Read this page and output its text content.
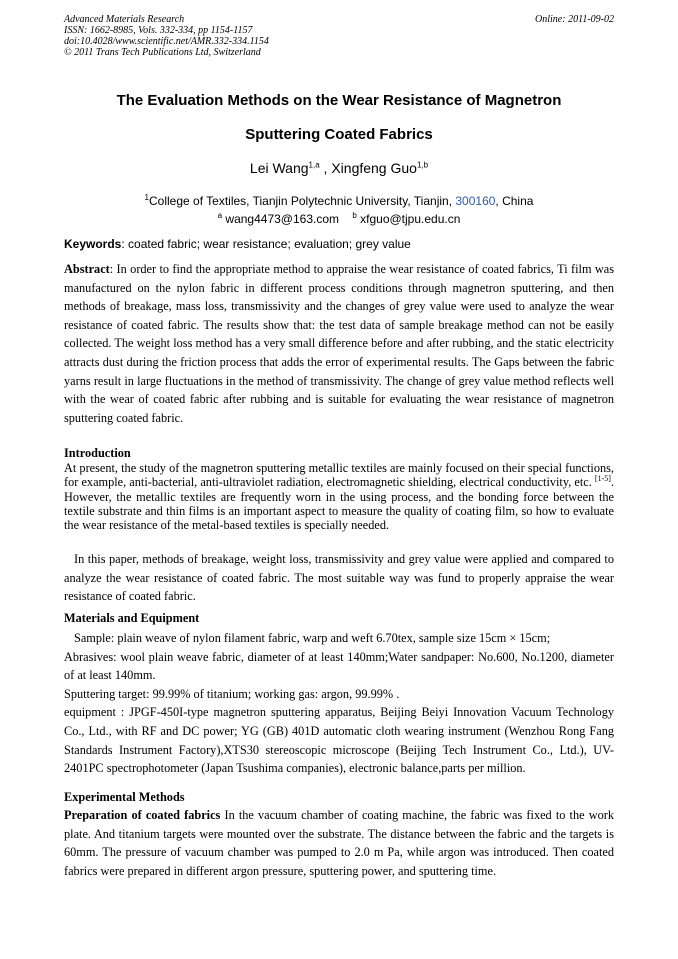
Advanced Materials Research
ISSN: 1662-8985, Vols. 332-334, pp 1154-1157
doi:10.4028/www.scientific.net/AMR.332-334.1154
© 2011 Trans Tech Publications Ltd, Switzerland
Online: 2011-09-02
The Evaluation Methods on the Wear Resistance of Magnetron
Sputtering Coated Fabrics
Lei Wang$^{1,a}$ , Xingfeng Guo$^{1,b}$
$^1$College of Textiles, Tianjin Polytechnic University, Tianjin, 300160, China
$^a$ wang4473@163.com $^b$ xfguo@tjpu.edu.cn
Keywords: coated fabric; wear resistance; evaluation; grey value
Abstract: In order to find the appropriate method to appraise the wear resistance of coated fabrics, Ti film was manufactured on the nylon fabric in different process conditions through magnetron sputtering, and then methods of breakage, mass loss, transmissivity and the changes of grey value were used to analyze the wear resistance of coated fabric. The results show that: the test data of sample breakage method can not be easily collected. The weight loss method has a very small difference before and after rubbing, and the static electricity attracts dust during the friction process that adds the error of experimental results. The Gaps between the fabric yarns result in large fluctuations in the method of transmissivity. The change of grey value method reflects well with the wear of coated fabric after rubbing and is suitable for evaluating the wear resistance of magnetron sputtering coated fabric.
Introduction
At present, the study of the magnetron sputtering metallic textiles are mainly focused on their special functions, for example, anti-bacterial, anti-ultraviolet radiation, electromagnetic shielding, electrical conductivity, etc. [1-5]. However, the metallic textiles are frequently worn in the using process, and the bonding force between the textile substrate and thin films is an important aspect to measure the quality of coating film, so how to evaluate the wear resistance of the metal-based textiles is specially needed.
In this paper, methods of breakage, weight loss, transmissivity and grey value were applied and compared to analyze the wear resistance of coated fabric. The most suitable way was fund to properly appraise the wear resistance of coated fabric.
Materials and Equipment

Sample: plain weave of nylon filament fabric, warp and weft 6.70tex, sample size 15cm × 15cm;

Abrasives: wool plain weave fabric, diameter of at least 140mm;Water sandpaper: No.600, No.1200, diameter of at least 140mm.

Sputtering target: 99.99% of titanium; working gas: argon, 99.99% .

equipment : JPGF-450I-type magnetron sputtering apparatus, Beijing Beiyi Innovation Vacuum Technology Co., Ltd., with RF and DC power; YG (GB) 401D automatic cloth wearing instrument (Wenzhou Rong Fang Standards Instrument Factory),XTS30 stereoscopic microscope (Beijing Tech Instrument Co., Ltd.), UV-2401PC spectrophotometer (Japan Tsushima companies), electronic balance,parts per million.

Experimental Methods
Preparation of coated fabrics In the vacuum chamber of coating machine, the fabric was fixed to the work plate. And titanium targets were mounted over the substrate. The distance between the fabric and the targets is 60mm. The pressure of vacuum chamber was pumped to 2.0 m Pa, while argon was introduced. Then coated fabrics were prepared in different argon pressure, sputtering power, and sputtering time.
